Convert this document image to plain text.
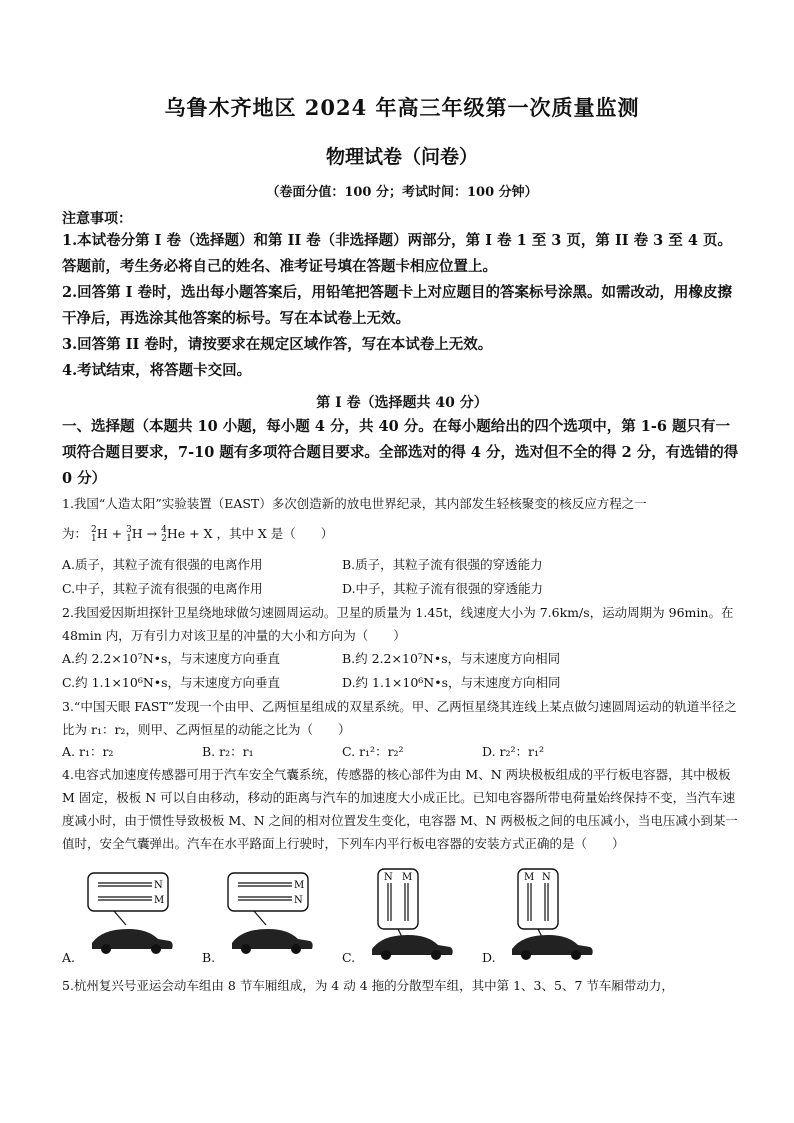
乌鲁木齐地区 2024 年高三年级第一次质量监测
物理试卷（问卷）
（卷面分值：100 分；考试时间：100 分钟）
注意事项：

1.本试卷分第 I 卷（选择题）和第 II 卷（非选择题）两部分，第 I 卷 1 至 3 页，第 II 卷 3 至 4 页。答题前，考生务必将自己的姓名、准考证号填在答题卡相应位置上。

2.回答第 I 卷时，选出每小题答案后，用铅笔把答题卡上对应题目的答案标号涂黑。如需改动，用橡皮擦干净后，再选涂其他答案的标号。写在本试卷上无效。

3.回答第 II 卷时，请按要求在规定区域作答，写在本试卷上无效。

4.考试结束，将答题卡交回。

第 I 卷（选择题共 40 分）
一、选择题（本题共 10 小题，每小题 4 分，共 40 分。在每小题给出的四个选项中，第 1-6 题只有一项符合题目要求，7-10 题有多项符合题目要求。全部选对的得 4 分，选对但不全的得 2 分，有选错的得 0 分）

1.我国“人造太阳”实验装置（EAST）多次创造新的放电世界纪录，其内部发生轻核聚变的核反应方程之一

为： 2
1 H + 3
1 H → 4
2 He + X ，其中 X 是（　　）
A.质子，其粒子流有很强的电离作用	B.质子，其粒子流有很强的穿透能力
C.中子，其粒子流有很强的电离作用	D.中子，其粒子流有很强的穿透能力

2.我国爱因斯坦探针卫星绕地球做匀速圆周运动。卫星的质量为 1.45t，线速度大小为 7.6km/s，运动周期为 96min。在 48min 内，万有引力对该卫星的冲量的大小和方向为（　　）

A.约 2.2×10⁷N•s，与末速度方向垂直	B.约 2.2×10⁷N•s，与末速度方向相同
C.约 1.1×10⁶N•s，与末速度方向垂直	D.约 1.1×10⁶N•s，与末速度方向相同

3.“中国天眼 FAST”发现一个由甲、乙两恒星组成的双星系统。甲、乙两恒星绕其连线上某点做匀速圆周运动的轨道半径之比为 r₁：r₂，则甲、乙两恒星的动能之比为（　　）

A. r₁：r₂	B. r₂：r₁	C. r₁²：r₂²	D. r₂²：r₁²

4.电容式加速度传感器可用于汽车安全气囊系统，传感器的核心部件为由 M、N 两块极板组成的平行板电容器，其中极板 M 固定，极板 N 可以自由移动，移动的距离与汽车的加速度大小成正比。已知电容器所带电荷量始终保持不变，当汽车速度减小时，由于惯性导致极板 M、N 之间的相对位置发生变化，电容器 M、N 两极板之间的电压减小，当电压减小到某一值时，安全气囊弹出。汽车在水平路面上行驶时，下列车内平行板电容器的安装方式正确的是（　　）

N
M
A.
M
N
B.
N M
C.
M N
D.

5.杭州复兴号亚运会动车组由 8 节车厢组成，为 4 动 4 拖的分散型车组，其中第 1、3、5、7 节车厢带动力，
